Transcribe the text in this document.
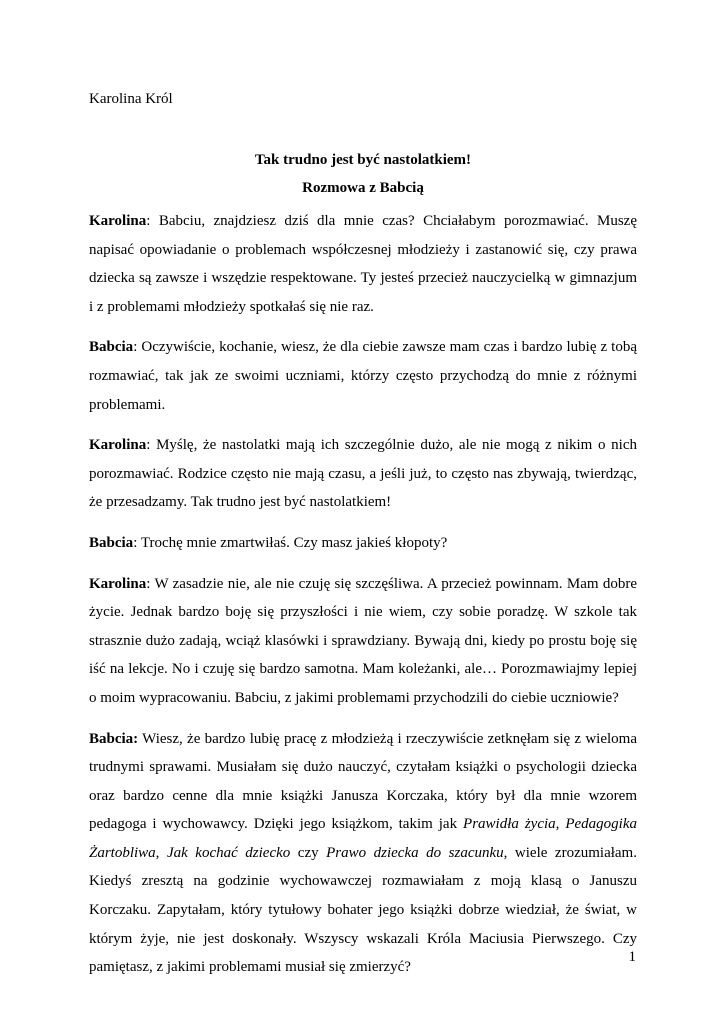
Karolina Król
Tak trudno jest być nastolatkiem!
Rozmowa z Babcią

Karolina: Babciu, znajdziesz dziś dla mnie czas? Chciałabym porozmawiać. Muszę napisać opowiadanie o problemach współczesnej młodzieży i zastanowić się, czy prawa dziecka są zawsze i wszędzie respektowane. Ty jesteś przecież nauczycielką w gimnazjum i z problemami młodzieży spotkałaś się nie raz.

Babcia: Oczywiście, kochanie, wiesz, że dla ciebie zawsze mam czas i bardzo lubię z tobą rozmawiać, tak jak ze swoimi uczniami, którzy często przychodzą do mnie z różnymi problemami.

Karolina: Myślę, że nastolatki mają ich szczególnie dużo, ale nie mogą z nikim o nich porozmawiać. Rodzice często nie mają czasu, a jeśli już, to często nas zbywają, twierdząc, że przesadzamy. Tak trudno jest być nastolatkiem!

Babcia: Trochę mnie zmartwiłaś. Czy masz jakieś kłopoty?

Karolina: W zasadzie nie, ale nie czuję się szczęśliwa. A przecież powinnam. Mam dobre życie. Jednak bardzo boję się przyszłości i nie wiem, czy sobie poradzę. W szkole tak strasznie dużo zadają, wciąż klasówki i sprawdziany. Bywają dni, kiedy po prostu boję się iść na lekcje. No i czuję się bardzo samotna. Mam koleżanki, ale… Porozmawiajmy lepiej o moim wypracowaniu. Babciu, z jakimi problemami przychodzili do ciebie uczniowie?

Babcia: Wiesz, że bardzo lubię pracę z młodzieżą i rzeczywiście zetknęłam się z wieloma trudnymi sprawami. Musiałam się dużo nauczyć, czytałam książki o psychologii dziecka oraz bardzo cenne dla mnie książki Janusza Korczaka, który był dla mnie wzorem pedagoga i wychowawcy. Dzięki jego książkom, takim jak Prawidła życia, Pedagogika Żartobliwa, Jak kochać dziecko czy Prawo dziecka do szacunku, wiele zrozumiałam. Kiedyś zresztą na godzinie wychowawczej rozmawiałam z moją klasą o Januszu Korczaku. Zapytałam, który tytułowy bohater jego książki dobrze wiedział, że świat, w którym żyje, nie jest doskonały. Wszyscy wskazali Króla Maciusia Pierwszego. Czy pamiętasz, z jakimi problemami musiał się zmierzyć?

1
